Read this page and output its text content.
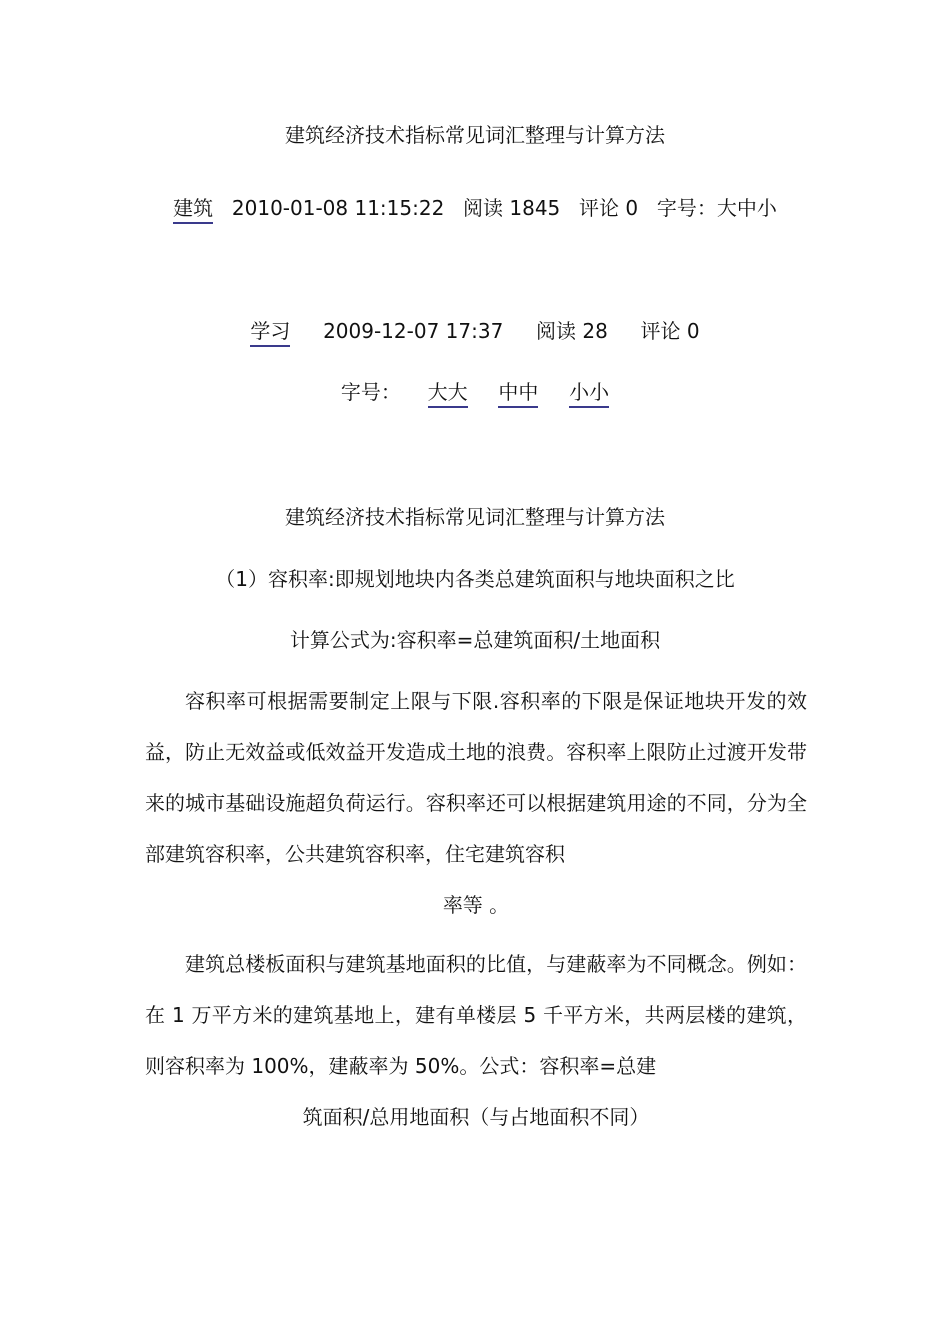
建筑经济技术指标常见词汇整理与计算方法
建筑 2010-01-08 11:15:22 阅读 1845 评论 0 字号：大中小
学习 2009-12-07 17:37 阅读 28 评论 0
字号： 大大 中中 小小
建筑经济技术指标常见词汇整理与计算方法
（1）容积率:即规划地块内各类总建筑面积与地块面积之比
计算公式为:容积率=总建筑面积/土地面积

容积率可根据需要制定上限与下限.容积率的下限是保证地块开发的效益，防止无效益或低效益开发造成土地的浪费。容积率上限防止过渡开发带来的城市基础设施超负荷运行。容积率还可以根据建筑用途的不同，分为全部建筑容积率，公共建筑容积率，住宅建筑容积

率等 。

建筑总楼板面积与建筑基地面积的比值，与建蔽率为不同概念。例如：在 1 万平方米的建筑基地上，建有单楼层 5 千平方米，共两层楼的建筑，则容积率为 100%，建蔽率为 50%。公式：容积率=总建

筑面积/总用地面积（与占地面积不同）
